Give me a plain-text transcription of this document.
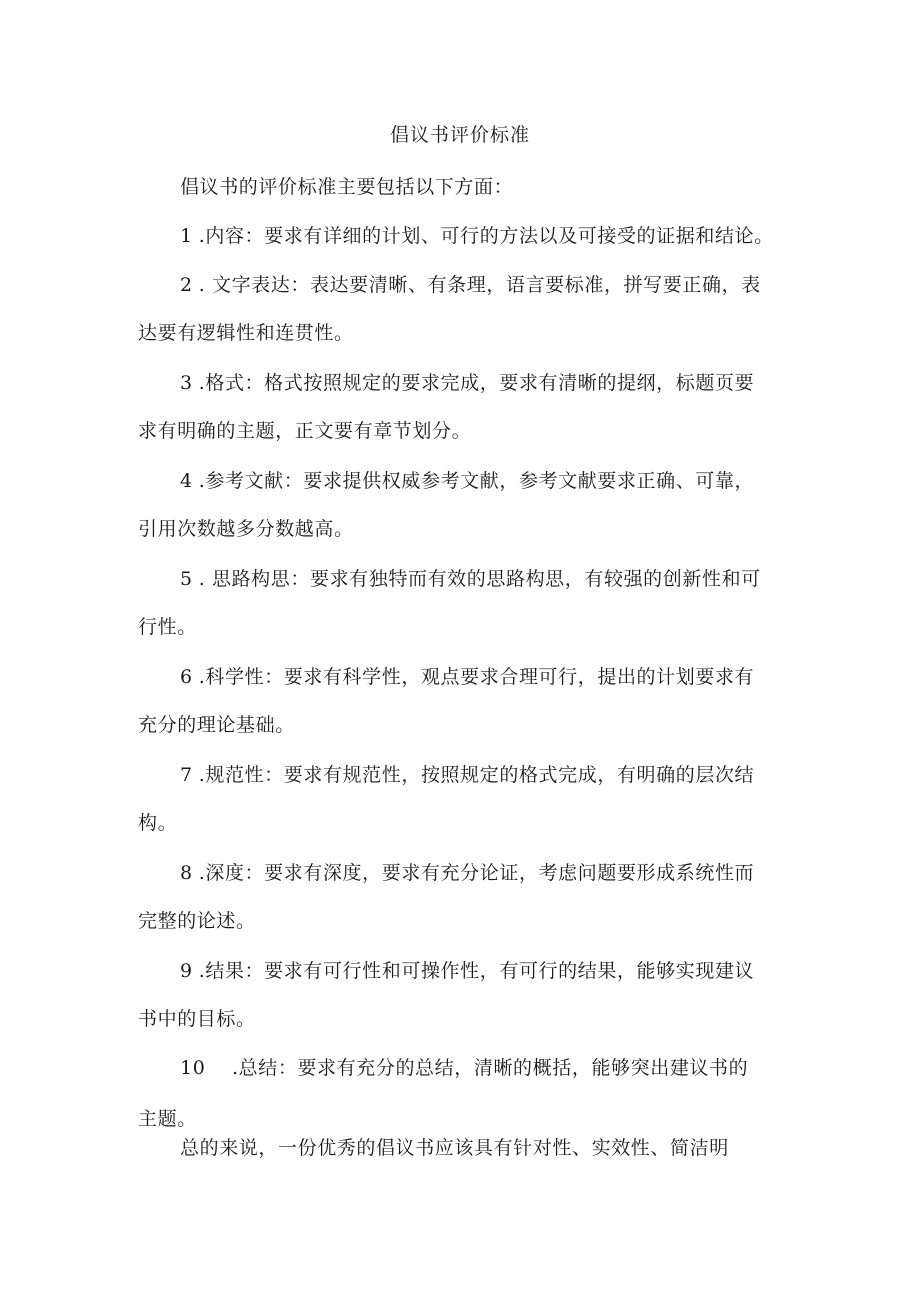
倡议书评价标准
倡议书的评价标准主要包括以下方面：
1 .内容：要求有详细的计划、可行的方法以及可接受的证据和结论。
2 . 文字表达：表达要清晰、有条理，语言要标准，拼写要正确，表
达要有逻辑性和连贯性。
3 .格式：格式按照规定的要求完成，要求有清晰的提纲，标题页要
求有明确的主题，正文要有章节划分。
4 .参考文献：要求提供权威参考文献，参考文献要求正确、可靠，
引用次数越多分数越高。
5 . 思路构思：要求有独特而有效的思路构思，有较强的创新性和可
行性。
6 .科学性：要求有科学性，观点要求合理可行，提出的计划要求有
充分的理论基础。
7 .规范性：要求有规范性，按照规定的格式完成，有明确的层次结
构。
8 .深度：要求有深度，要求有充分论证，考虑问题要形成系统性而
完整的论述。
9 .结果：要求有可行性和可操作性，有可行的结果，能够实现建议
书中的目标。
10 .总结：要求有充分的总结，清晰的概括，能够突出建议书的
主题。
总的来说，一份优秀的倡议书应该具有针对性、实效性、简洁明
